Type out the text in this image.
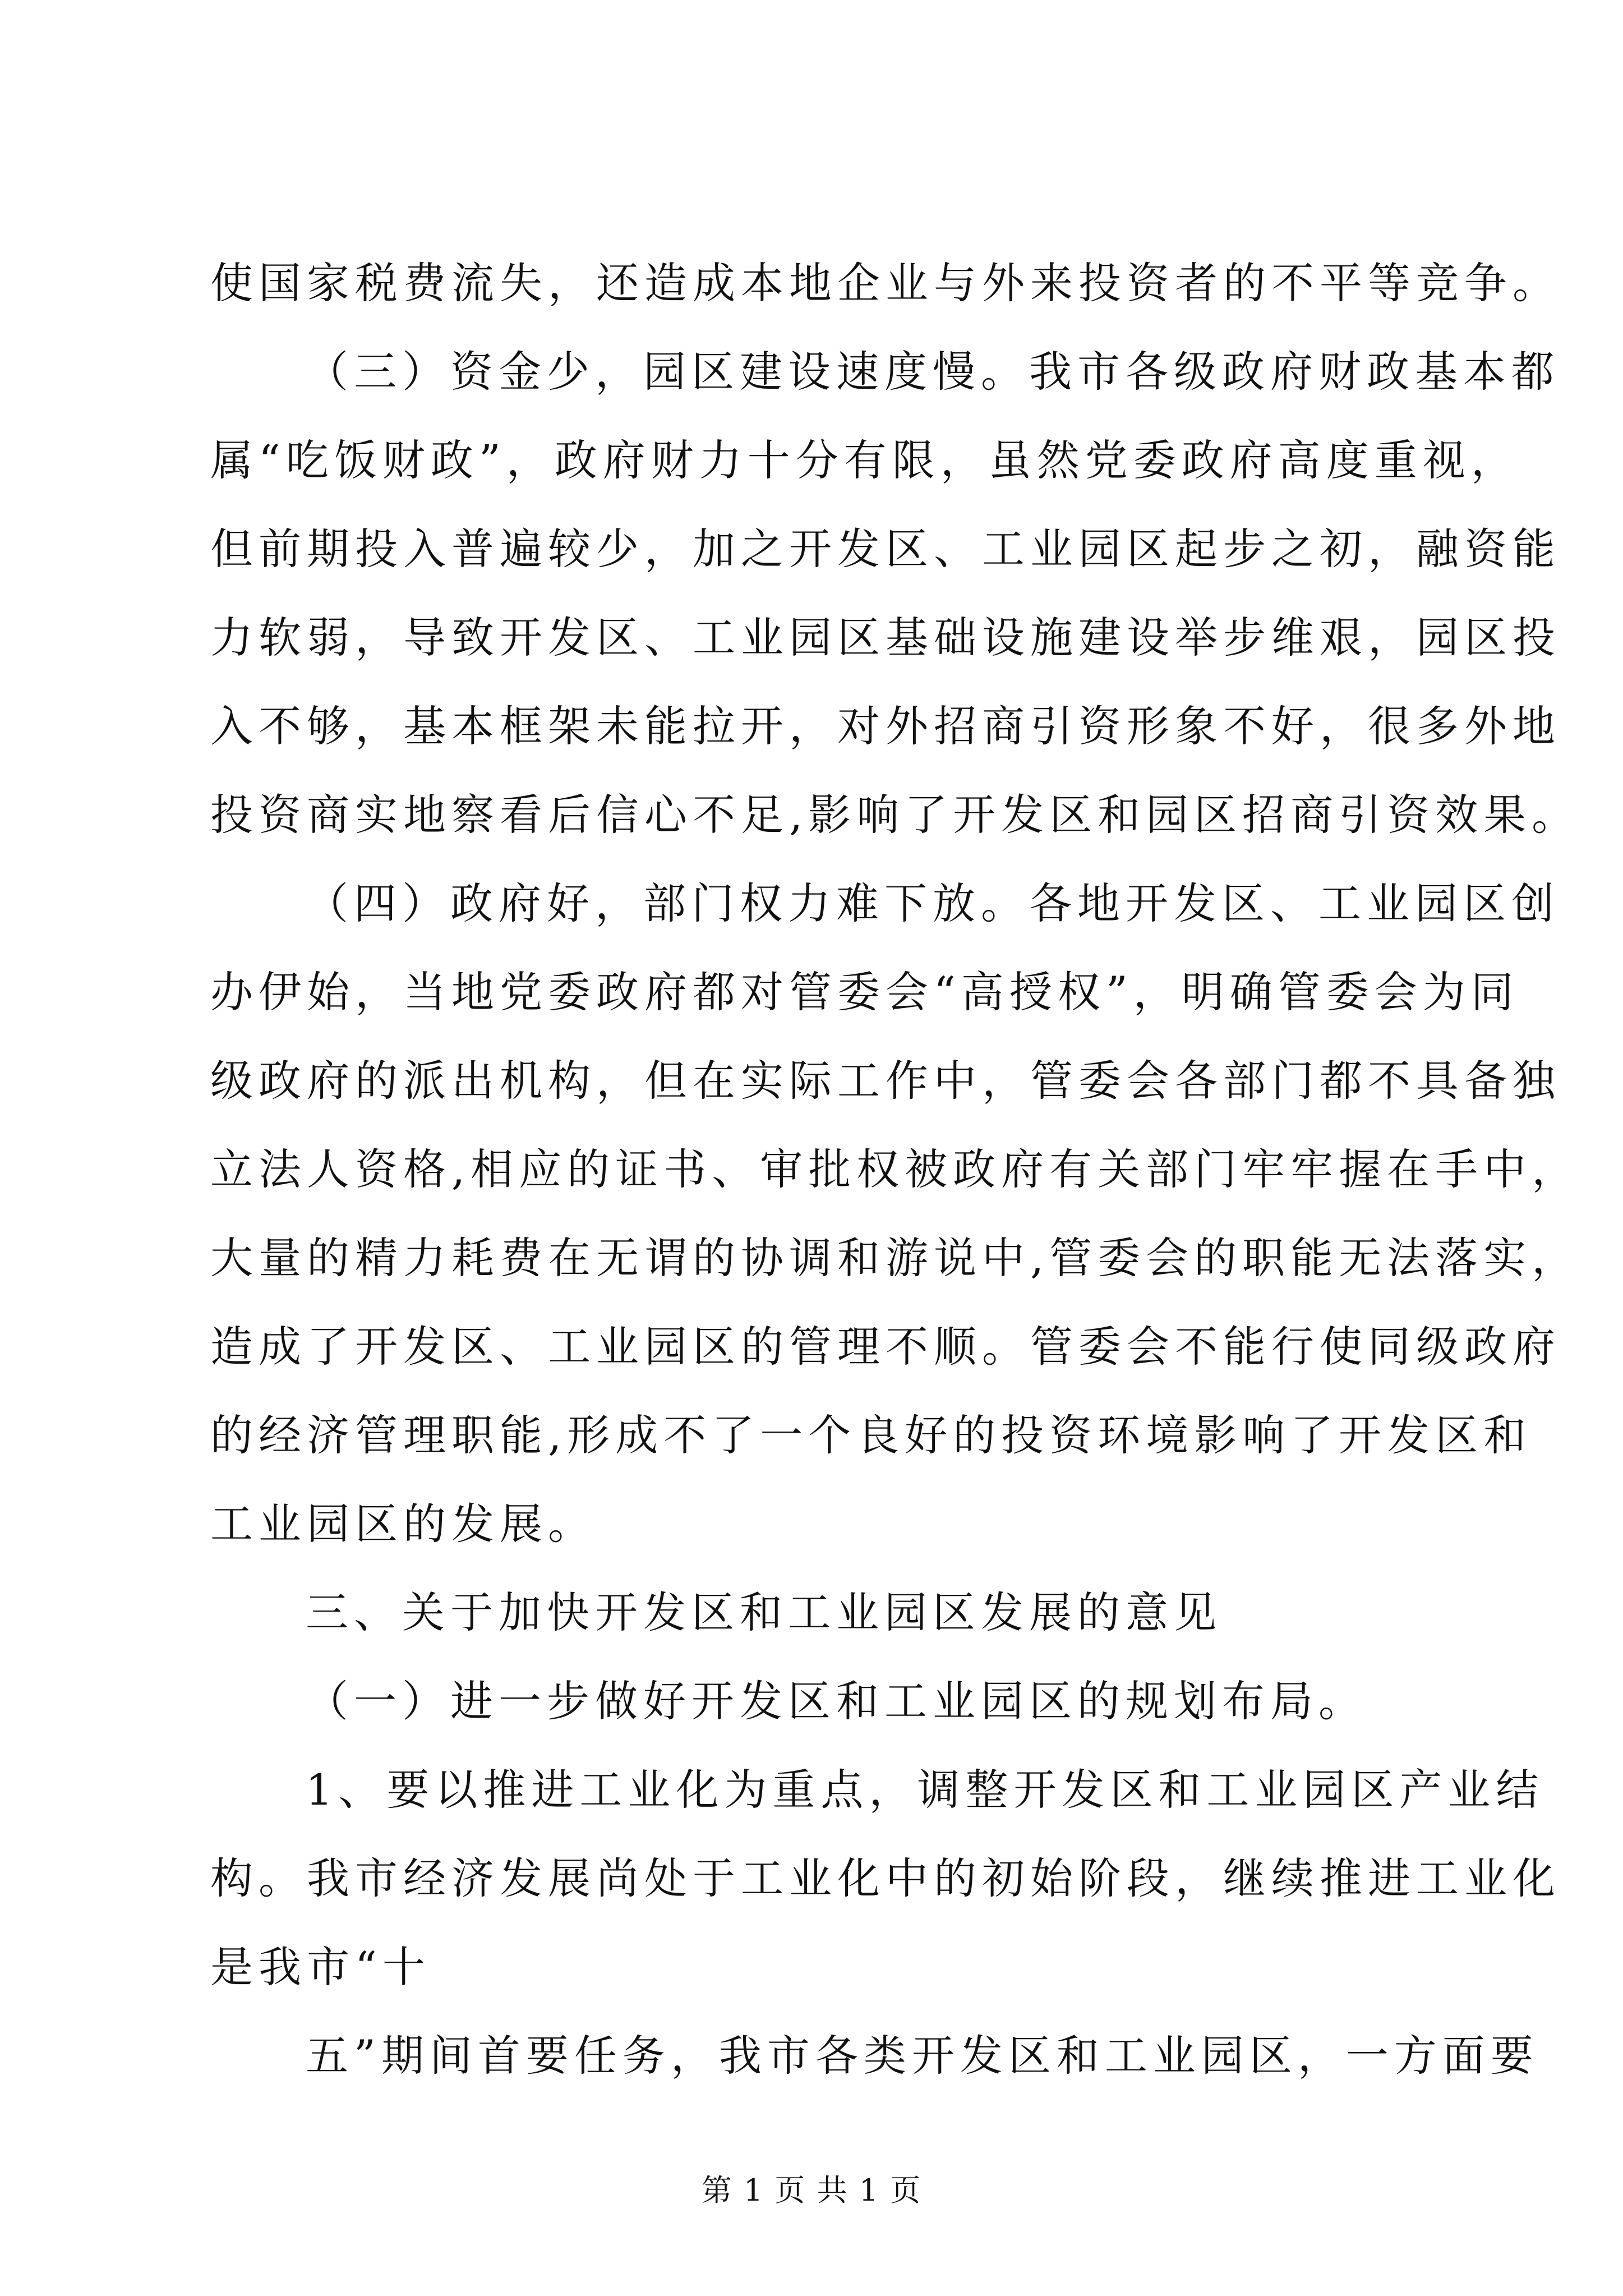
使国家税费流失，还造成本地企业与外来投资者的不平等竞争。
（三）资金少，园区建设速度慢。我市各级政府财政基本都
属“吃饭财政”，政府财力十分有限，虽然党委政府高度重视，
但前期投入普遍较少，加之开发区、工业园区起步之初，融资能
力软弱，导致开发区、工业园区基础设施建设举步维艰，园区投
入不够，基本框架未能拉开，对外招商引资形象不好，很多外地
投资商实地察看后信心不足,影响了开发区和园区招商引资效果。
（四）政府好，部门权力难下放。各地开发区、工业园区创
办伊始，当地党委政府都对管委会“高授权”，明确管委会为同
级政府的派出机构，但在实际工作中，管委会各部门都不具备独
立法人资格,相应的证书、审批权被政府有关部门牢牢握在手中，
大量的精力耗费在无谓的协调和游说中,管委会的职能无法落实，
造成了开发区、工业园区的管理不顺。管委会不能行使同级政府
的经济管理职能,形成不了一个良好的投资环境影响了开发区和
工业园区的发展。
三、关于加快开发区和工业园区发展的意见
（一）进一步做好开发区和工业园区的规划布局。
1、要以推进工业化为重点，调整开发区和工业园区产业结
构。我市经济发展尚处于工业化中的初始阶段，继续推进工业化
是我市“十
五”期间首要任务，我市各类开发区和工业园区，一方面要
第 1 页 共 1 页
